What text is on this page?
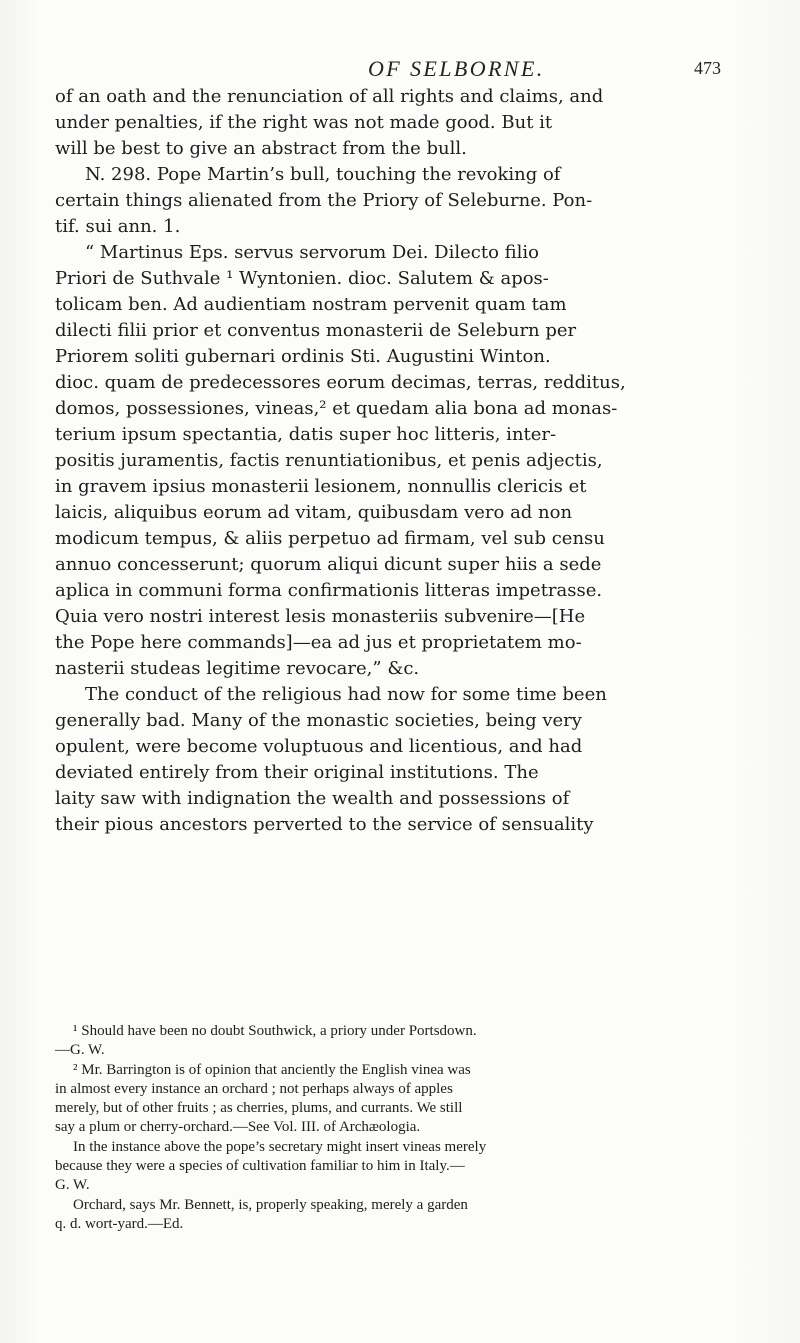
OF SELBORNE.	473
of an oath and the renunciation of all rights and claims, and
under penalties, if the right was not made good. But it
will be best to give an abstract from the bull.
N. 298. Pope Martin’s bull, touching the revoking of
certain things alienated from the Priory of Seleburne. Pon-
tif. sui ann. 1.
“ Martinus Eps. servus servorum Dei. Dilecto filio
Priori de Suthvale ¹ Wyntonien. dioc. Salutem & apos-
tolicam ben. Ad audientiam nostram pervenit quam tam
dilecti filii prior et conventus monasterii de Seleburn per
Priorem soliti gubernari ordinis Sti. Augustini Winton.
dioc. quam de predecessores eorum decimas, terras, redditus,
domos, possessiones, vineas,² et quedam alia bona ad monas-
terium ipsum spectantia, datis super hoc litteris, inter-
positis juramentis, factis renuntiationibus, et penis adjectis,
in gravem ipsius monasterii lesionem, nonnullis clericis et
laicis, aliquibus eorum ad vitam, quibusdam vero ad non
modicum tempus, & aliis perpetuo ad firmam, vel sub censu
annuo concesserunt; quorum aliqui dicunt super hiis a sede
aplica in communi forma confirmationis litteras impetrasse.
Quia vero nostri interest lesis monasteriis subvenire—[He
the Pope here commands]—ea ad jus et proprietatem mo-
nasterii studeas legitime revocare,” &c.
The conduct of the religious had now for some time been
generally bad. Many of the monastic societies, being very
opulent, were become voluptuous and licentious, and had
deviated entirely from their original institutions. The
laity saw with indignation the wealth and possessions of
their pious ancestors perverted to the service of sensuality
¹ Should have been no doubt Southwick, a priory under Portsdown.
—G. W.
² Mr. Barrington is of opinion that anciently the English vinea was
in almost every instance an orchard ; not perhaps always of apples
merely, but of other fruits ; as cherries, plums, and currants. We still
say a plum or cherry-orchard.—See Vol. III. of Archæologia.
In the instance above the pope’s secretary might insert vineas merely
because they were a species of cultivation familiar to him in Italy.—
G. W.
Orchard, says Mr. Bennett, is, properly speaking, merely a garden
q. d. wort-yard.—Ed.
